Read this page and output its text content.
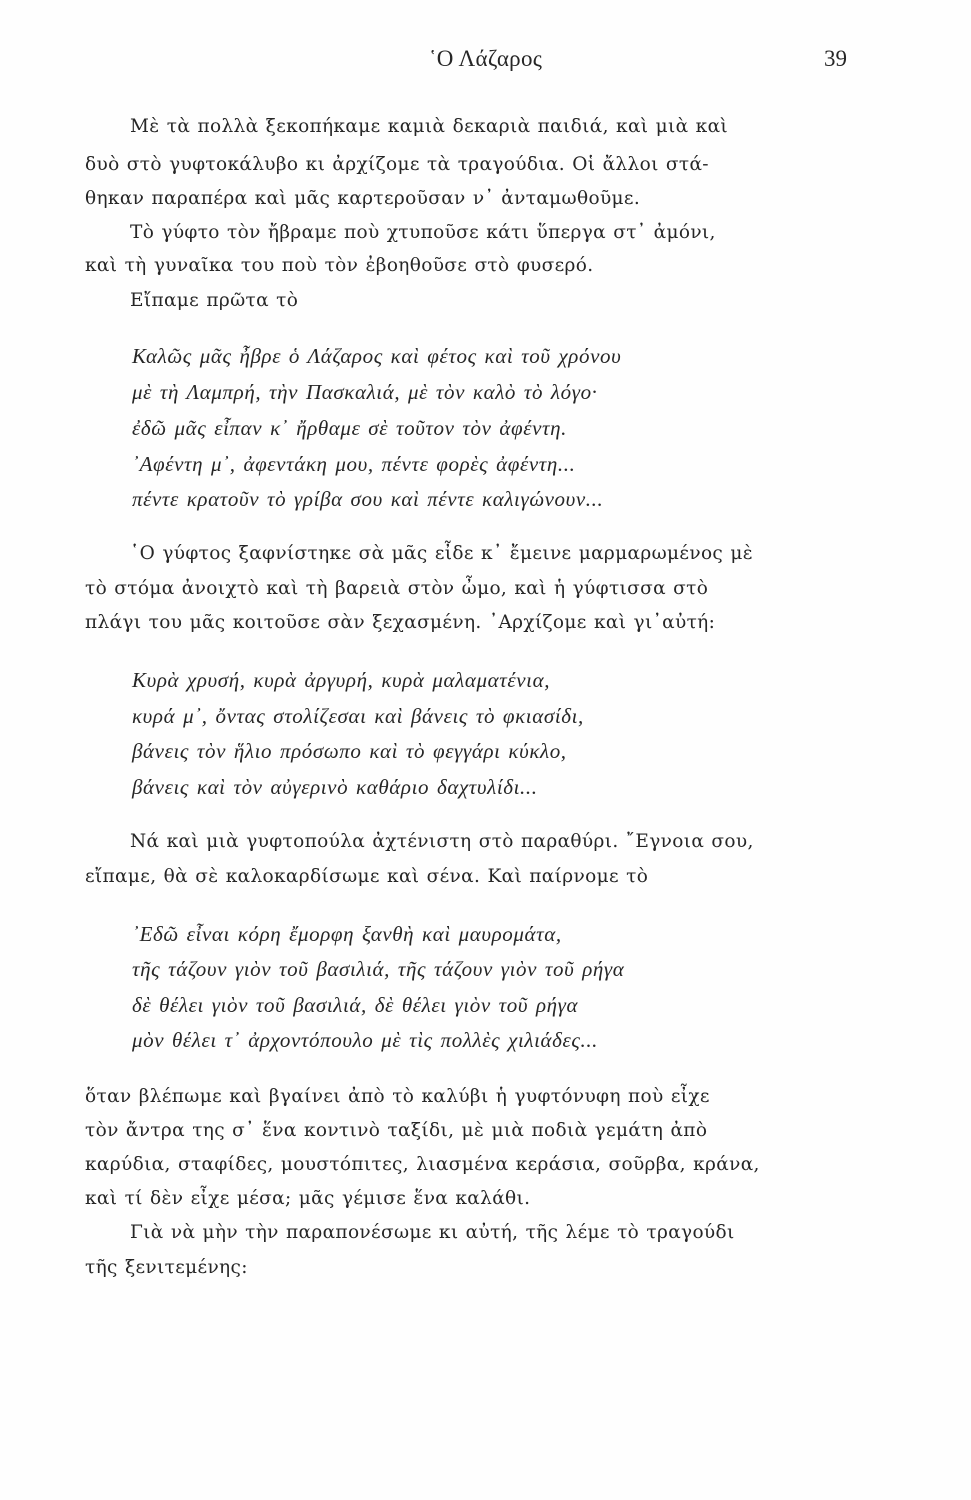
῾Ο Λάζαρος	39
Μὲ τὰ πολλὰ ξεκοπήκαμε καμιὰ δεκαριὰ παιδιά, καὶ μιὰ καὶ
δυὸ στὸ γυφτοκάλυβο κι ἀρχίζομε τὰ τραγούδια. Οἱ ἄλλοι στά-
θηκαν παραπέρα καὶ μᾶς καρτεροῦσαν ν᾿ ἀνταμωθοῦμε.
Τὸ γύφτο τὸν ἤβραμε ποὺ χτυποῦσε κάτι ὕπεργα στ᾿ ἀμόνι,
καὶ τὴ γυναῖκα του ποὺ τὸν ἐβοηθοῦσε στὸ φυσερό.
Εἴπαμε πρῶτα τὸ
Καλῶς μᾶς ἦβρε ὁ Λάζαρος καὶ φέτος καὶ τοῦ χρόνου
μὲ τὴ Λαμπρή, τὴν Πασκαλιά, μὲ τὸν καλὸ τὸ λόγο·
ἐδῶ μᾶς εἶπαν κ᾿ ἤρθαμε σὲ τοῦτον τὸν ἀφέντη.
᾿Αφέντη μ᾿, ἀφεντάκη μου, πέντε φορὲς ἀφέντη...
πέντε κρατοῦν τὸ γρίβα σου καὶ πέντε καλιγώνουν...
῾Ο γύφτος ξαφνίστηκε σὰ μᾶς εἶδε κ᾿ ἔμεινε μαρμαρωμένος μὲ
τὸ στόμα ἀνοιχτὸ καὶ τὴ βαρειὰ στὸν ὦμο, καὶ ἡ γύφτισσα στὸ
πλάγι του μᾶς κοιτοῦσε σὰν ξεχασμένη. ᾿Αρχίζομε καὶ γι᾿αὐτή:
Κυρὰ χρυσή, κυρὰ ἀργυρή, κυρὰ μαλαματένια,
κυρά μ᾿, ὄντας στολίζεσαι καὶ βάνεις τὸ φκιασίδι,
βάνεις τὸν ἥλιο πρόσωπο καὶ τὸ φεγγάρι κύκλο,
βάνεις καὶ τὸν αὐγερινὸ καθάριο δαχτυλίδι...
Νά καὶ μιὰ γυφτοπούλα ἀχτένιστη στὸ παραθύρι. ῎Εγνοια σου,
εἴπαμε, θὰ σὲ καλοκαρδίσωμε καὶ σένα. Καὶ παίρνομε τὸ
᾿Εδῶ εἶναι κόρη ἔμορφη ξανθὴ καὶ μαυρομάτα,
τῆς τάζουν γιὸν τοῦ βασιλιά, τῆς τάζουν γιὸν τοῦ ρήγα
δὲ θέλει γιὸν τοῦ βασιλιά, δὲ θέλει γιὸν τοῦ ρήγα
μὸν θέλει τ᾿ ἀρχοντόπουλο μὲ τὶς πολλὲς χιλιάδες...
ὅταν βλέπωμε καὶ βγαίνει ἀπὸ τὸ καλύβι ἡ γυφτόνυφη ποὺ εἶχε
τὸν ἄντρα της σ᾿ ἕνα κοντινὸ ταξίδι, μὲ μιὰ ποδιὰ γεμάτη ἀπὸ
καρύδια, σταφίδες, μουστόπιτες, λιασμένα κεράσια, σοῦρβα, κράνα,
καὶ τί δὲν εἶχε μέσα; μᾶς γέμισε ἕνα καλάθι.
Γιὰ νὰ μὴν τὴν παραπονέσωμε κι αὐτή, τῆς λέμε τὸ τραγούδι
τῆς ξενιτεμένης:
